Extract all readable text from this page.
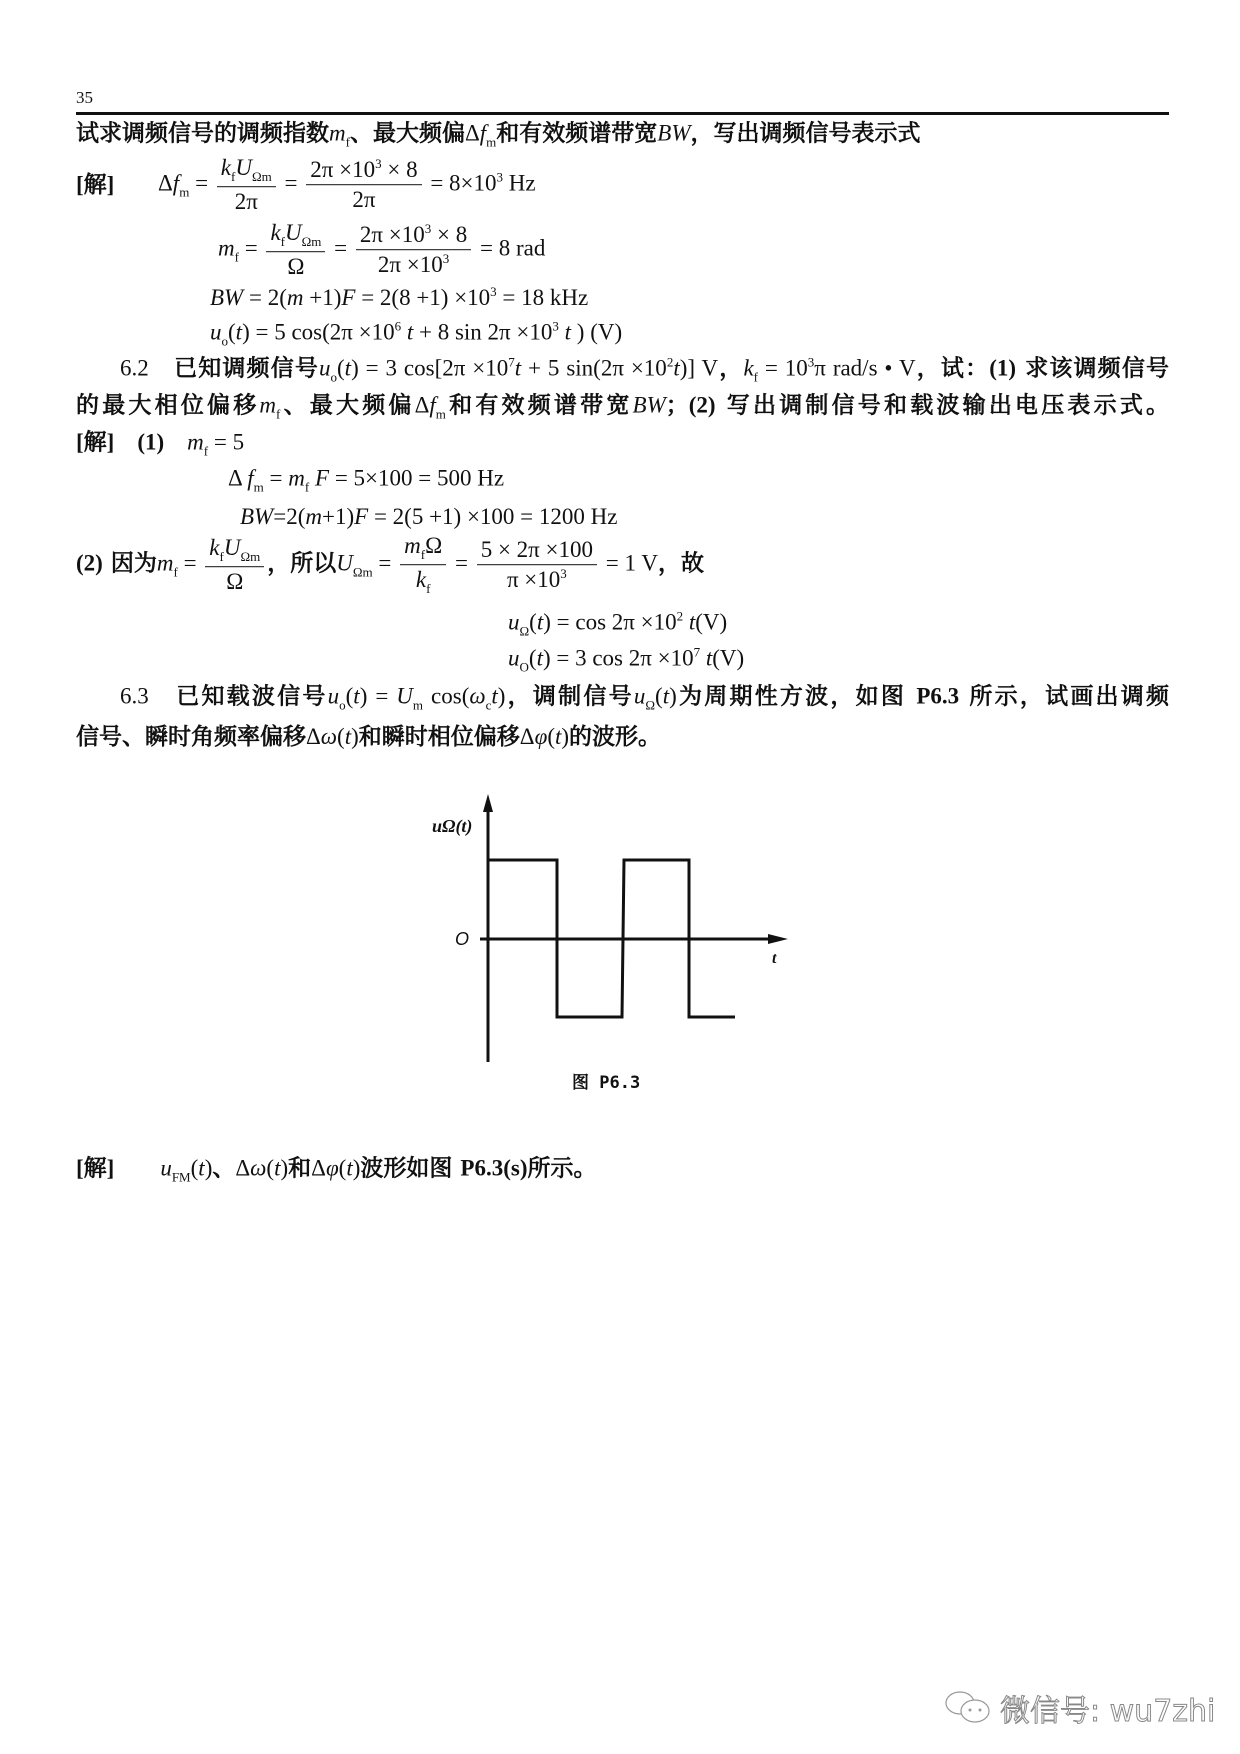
35
试求调频信号的调频指数$m_f$、最大频偏$\Delta f_m$和有效频谱带宽BW，写出调频信号表示式
[解] $\Delta f_m = \frac{k_fU_{\Omega m}}{2\pi} = \frac{2\pi \times 10^3 \times 8}{2\pi} = 8\times 10^3$ Hz
$m_f = \frac{k_fU_{\Omega m}}{\Omega} = \frac{2\pi \times 10^3 \times 8}{2\pi \times 10^3} = 8$ rad
BW = $2(m +1)F = 2(8 +1) \times 10^3 = 18$ kHz
$u_o(t) = 5$ $\cos(2\pi \times 10^6$ t + 8 $\sin 2\pi \times 10^3$ t ) (V)
6.2　已知调频信号$u_o(t) = 3$ $\cos[2\pi \times 10^7t + 5$ $\sin(2\pi \times 10^2t)$] V，$k_f = 10^3\pi$ rad/s • V，试：(1) 求该调频信号
的最大相位偏移$m_f$、最大频偏$\Delta f_m$和有效频谱带宽BW；(2) 写出调制信号和载波输出电压表示式。
[解]　(1)　$m_f = 5$
Δ $f_m = m_f$ F = 5×100 = 500 Hz
BW=2(m+1)F = 2(5 +1) ×100 = 1200 Hz
(2) 因为$m_f = \frac{k_fU_{\Omega m}}{\Omega}$ ，所以$U_{\Omega m} = \frac{m_f\Omega}{k_f} = \frac{5 \times 2\pi \times 100}{\pi \times 10^3} = 1$ V，故
$u_\Omega(t) = \cos 2\pi \times 10^2$ t(V)
$u_O(t) = 3$ $\cos 2\pi \times 10^7$ t(V)
6.3　已知载波信号$u_o(t) = U_m$ $\cos(\omega_ct)$，调制信号$u_\Omega(t)$为周期性方波，如图 P6.3 所示，试画出调频
信号、瞬时角频率偏移Δω(t)和瞬时相位偏移Δφ(t)的波形。
[解]　　 $u_{FM}(t)$、Δω(t)和Δφ(t)波形如图 P6.3(s)所示。
uΩ(t)
O
t
图 P6.3
微信号: wu7zhi
